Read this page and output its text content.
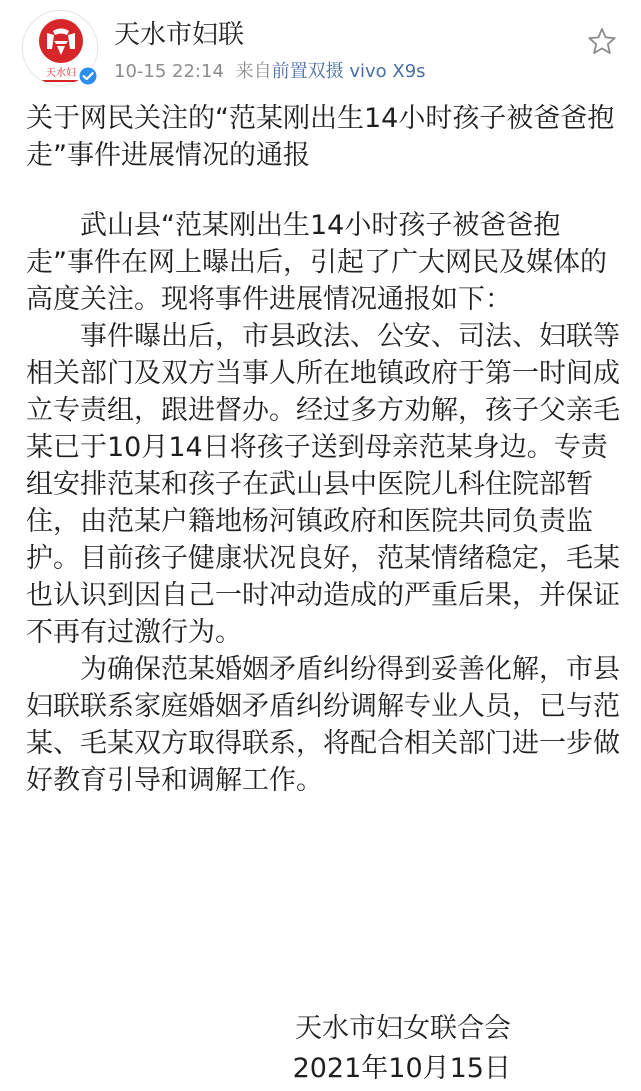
天水妇
天水市妇联
10-15 22:14 来自前置双摄 vivo X9s
关于网民关注的“范某刚出生14小时孩子被爸爸抱走”事件进展情况的通报
武山县“范某刚出生14小时孩子被爸爸抱走”事件在网上曝出后，引起了广大网民及媒体的高度关注。现将事件进展情况通报如下：
事件曝出后，市县政法、公安、司法、妇联等相关部门及双方当事人所在地镇政府于第一时间成立专责组，跟进督办。经过多方劝解，孩子父亲毛某已于10月14日将孩子送到母亲范某身边。专责组安排范某和孩子在武山县中医院儿科住院部暂住，由范某户籍地杨河镇政府和医院共同负责监护。目前孩子健康状况良好，范某情绪稳定，毛某也认识到因自己一时冲动造成的严重后果，并保证不再有过激行为。
为确保范某婚姻矛盾纠纷得到妥善化解，市县妇联联系家庭婚姻矛盾纠纷调解专业人员，已与范某、毛某双方取得联系，将配合相关部门进一步做好教育引导和调解工作。
天水市妇女联合会
2021年10月15日
